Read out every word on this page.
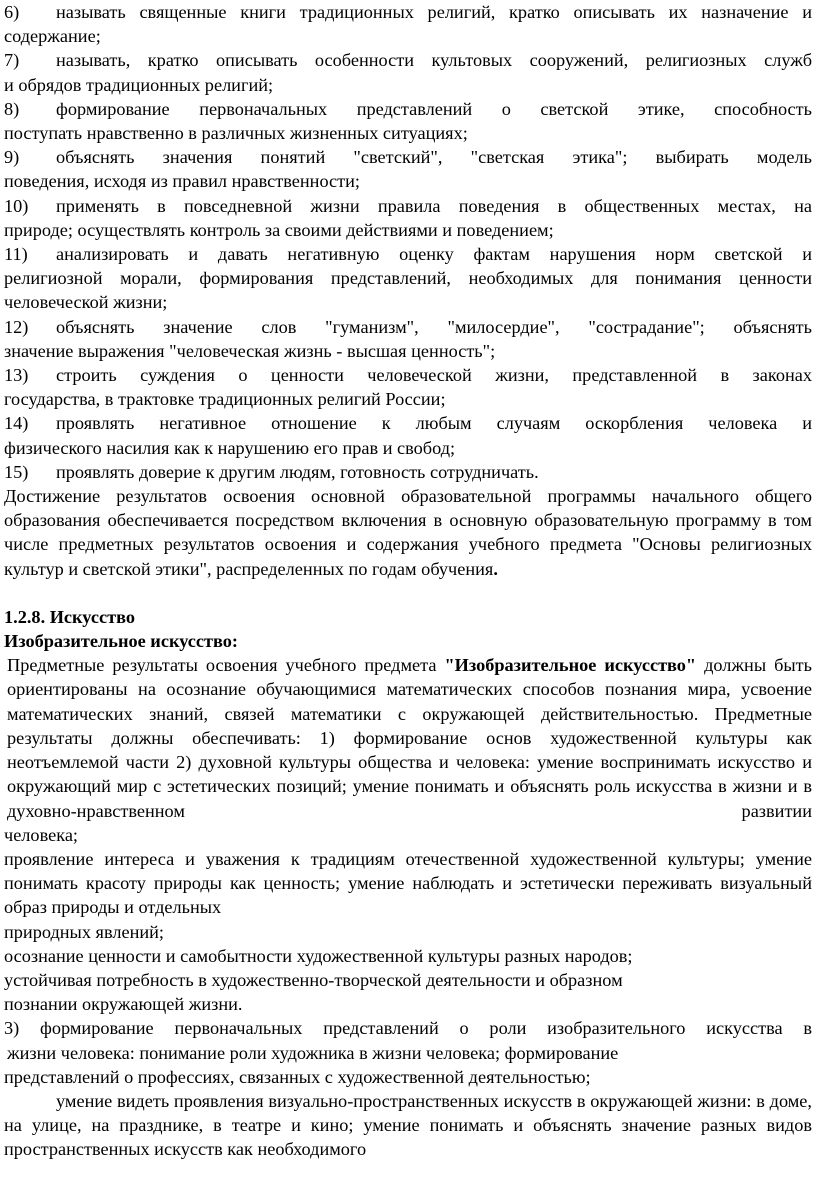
6)	называть священные книги традиционных религий, кратко описывать их назначение и

содержание;

7)	называть, кратко описывать особенности культовых сооружений, религиозных служб

и обрядов традиционных религий;

8)	формирование первоначальных представлений о светской этике, способность

поступать нравственно в различных жизненных ситуациях;

9)	объяснять значения понятий "светский", "светская этика"; выбирать модель

поведения, исходя из правил нравственности;

10)	применять в повседневной жизни правила поведения в общественных местах, на

природе; осуществлять контроль за своими действиями и поведением;

11)	анализировать и давать негативную оценку фактам нарушения норм светской и

религиозной морали, формирования представлений, необходимых для понимания ценности человеческой жизни;

12)	объяснять значение слов "гуманизм", "милосердие", "сострадание"; объяснять

значение выражения "человеческая жизнь - высшая ценность";

13)	строить суждения о ценности человеческой жизни, представленной в законах

государства, в трактовке традиционных религий России;

14)	проявлять негативное отношение к любым случаям оскорбления человека и

физического насилия как к нарушению его прав и свобод;

15)	проявлять доверие к другим людям, готовность сотрудничать.

Достижение результатов освоения основной образовательной программы начального общего образования обеспечивается посредством включения в основную образовательную программу в том числе предметных результатов освоения и содержания учебного предмета "Основы религиозных культур и светской этики", распределенных по годам обучения.

1.2.8. Искусство

Изобразительное искусство:

Предметные результаты освоения учебного предмета "Изобразительное искусство" должны быть ориентированы на осознание обучающимися математических способов познания мира, усвоение математических знаний, связей математики с окружающей действительностью. Предметные результаты должны обеспечивать: 1) формирование основ художественной культуры как неотъемлемой части 2) духовной культуры общества и человека: умение воспринимать искусство и окружающий мир с эстетических позиций; умение понимать и объяснять роль искусства в жизни и в духовно-нравственном развитии

человека;

проявление интереса и уважения к традициям отечественной художественной культуры; умение понимать красоту природы как ценность; умение наблюдать и эстетически переживать визуальный образ природы и отдельных

природных явлений;

осознание ценности и самобытности художественной культуры разных народов;

устойчивая потребность в художественно-творческой деятельности и образном

познании окружающей жизни.

3) формирование первоначальных представлений о роли изобразительного искусства в

жизни человека: понимание роли художника в жизни человека; формирование

представлений о профессиях, связанных с художественной деятельностью;

умение видеть проявления визуально-пространственных искусств в окружающей жизни: в доме, на улице, на празднике, в театре и кино; умение понимать и объяснять значение разных видов пространственных искусств как необходимого
